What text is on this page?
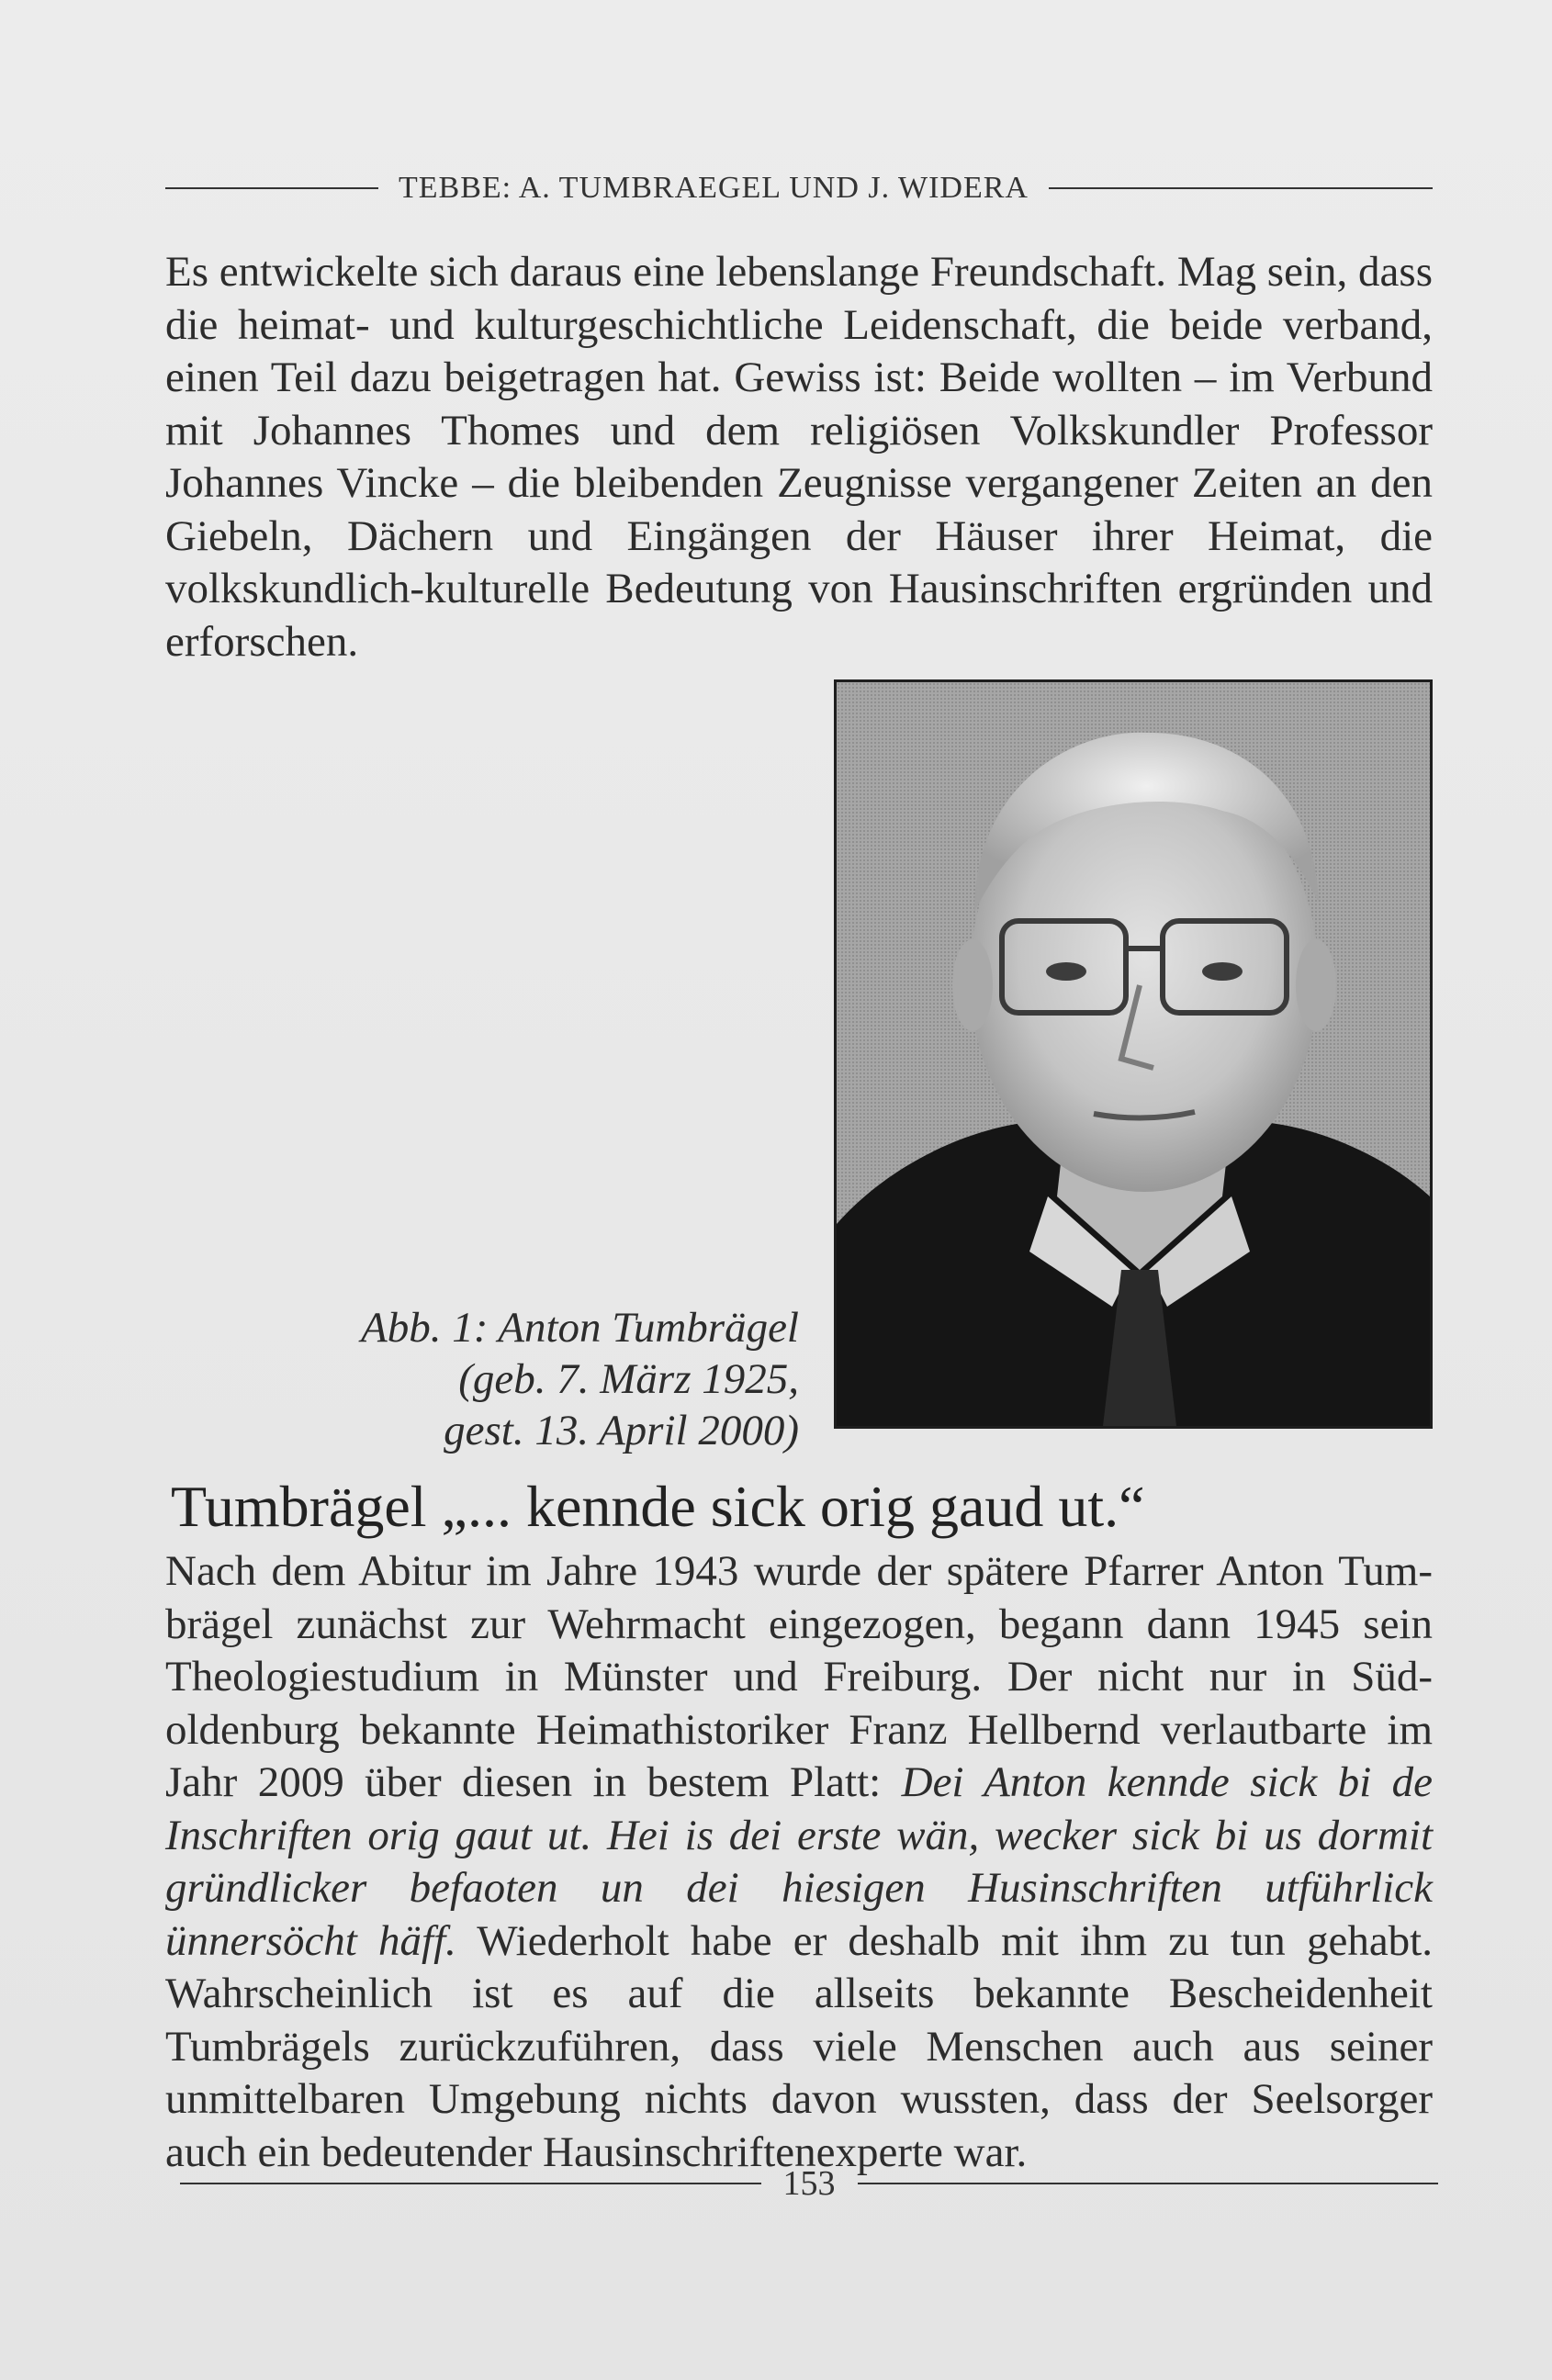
TEBBE: A. TUMBRAEGEL UND J. WIDERA

Es entwickelte sich daraus eine lebenslange Freundschaft. Mag sein, dass die heimat- und kulturgeschichtliche Leidenschaft, die beide verband, einen Teil dazu beigetragen hat. Gewiss ist: Beide wollten – im Verbund mit Johannes Thomes und dem religiösen Volkskundler Professor Johannes Vincke – die bleibenden Zeugnisse vergangener Zeiten an den Giebeln, Dächern und Eingängen der Häuser ihrer Heimat, die volkskundlich-kulturelle Bedeutung von Hausinschriften ergründen und erforschen.

Abb. 1: Anton Tumbrägel
(geb. 7. März 1925,
gest. 13. April 2000)
Tumbrägel „... kennde sick orig gaud ut.“

Nach dem Abitur im Jahre 1943 wurde der spätere Pfarrer Anton Tumbrägel zunächst zur Wehrmacht eingezogen, begann dann 1945 sein Theologiestudium in Münster und Freiburg. Der nicht nur in Südoldenburg bekannte Heimathistoriker Franz Hellbernd verlautbarte im Jahr 2009 über diesen in bestem Platt: Dei Anton kennde sick bi de Inschriften orig gaut ut. Hei is dei erste wän, wecker sick bi us dormit gründlicker befaoten un dei hiesigen Husinschriften utführlick ünnersöcht häff. Wiederholt habe er deshalb mit ihm zu tun gehabt. Wahrscheinlich ist es auf die allseits bekannte Bescheidenheit Tumbrägels zurückzuführen, dass viele Menschen auch aus seiner unmittelbaren Umgebung nichts davon wussten, dass der Seelsorger auch ein bedeutender Hausinschriftenexperte war.

153
